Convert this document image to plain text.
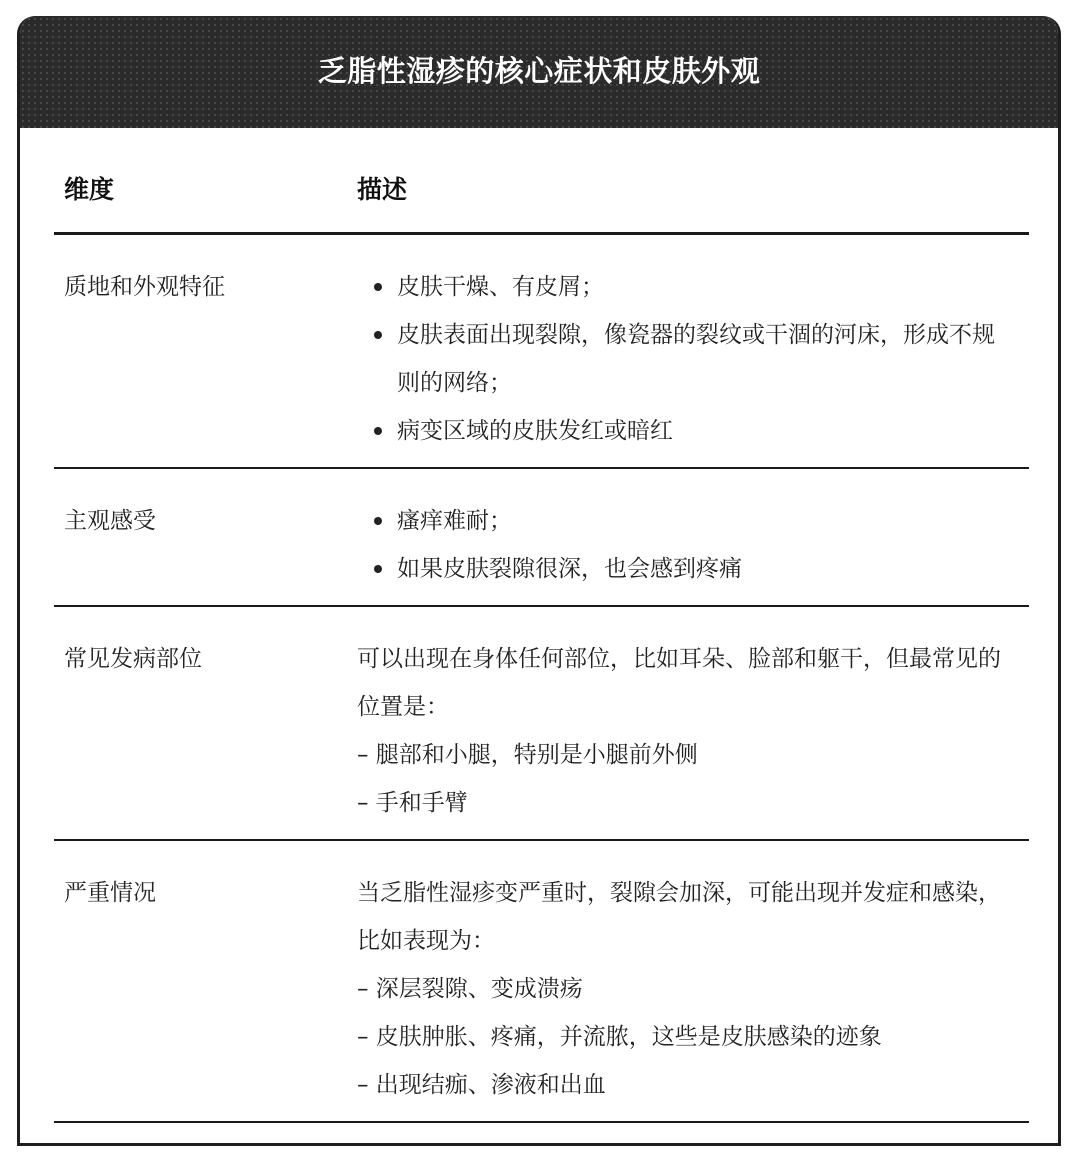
乏脂性湿疹的核心症状和皮肤外观
维度	描述
质地和外观特征	皮肤干燥、有皮屑；
皮肤表面出现裂隙，像瓷器的裂纹或干涸的河床，形成不规则的网络；
病变区域的皮肤发红或暗红
主观感受	瘙痒难耐；
如果皮肤裂隙很深，也会感到疼痛
常见发病部位	可以出现在身体任何部位，比如耳朵、脸部和躯干，但最常见的位置是：
– 腿部和小腿，特别是小腿前外侧
– 手和手臂
严重情况	当乏脂性湿疹变严重时，裂隙会加深，可能出现并发症和感染，比如表现为：
– 深层裂隙、变成溃疡
– 皮肤肿胀、疼痛，并流脓，这些是皮肤感染的迹象
– 出现结痂、渗液和出血
